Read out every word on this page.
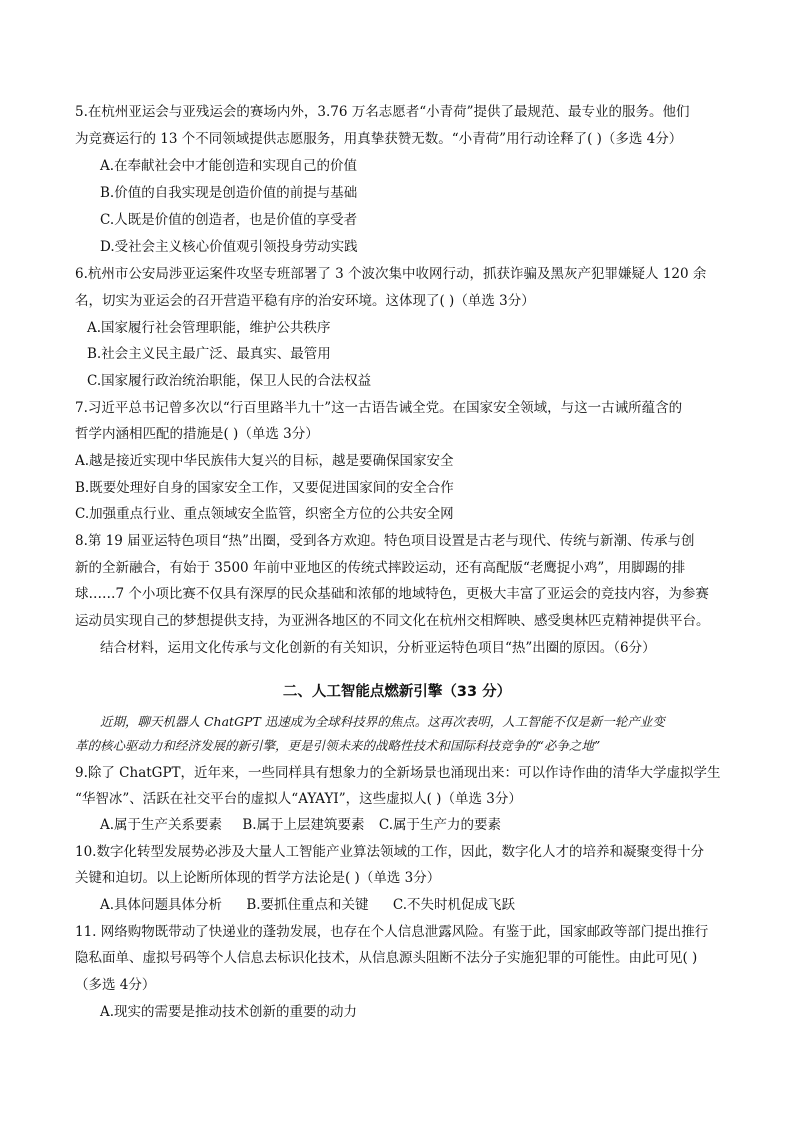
5.在杭州亚运会与亚残运会的赛场内外，3.76 万名志愿者“小青荷”提供了最规范、最专业的服务。他们
为竞赛运行的 13 个不同领域提供志愿服务，用真挚获赞无数。“小青荷”用行动诠释了( )（多选 4分）
A.在奉献社会中才能创造和实现自己的价值
B.价值的自我实现是创造价值的前提与基础
C.人既是价值的创造者，也是价值的享受者
D.受社会主义核心价值观引领投身劳动实践
6.杭州市公安局涉亚运案件攻坚专班部署了 3 个波次集中收网行动，抓获诈骗及黑灰产犯罪嫌疑人 120 余
名，切实为亚运会的召开营造平稳有序的治安环境。这体现了( )（单选 3分）
A.国家履行社会管理职能，维护公共秩序
B.社会主义民主最广泛、最真实、最管用
C.国家履行政治统治职能，保卫人民的合法权益
7.习近平总书记曾多次以“行百里路半九十”这一古语告诫全党。在国家安全领域，与这一古诫所蕴含的
哲学内涵相匹配的措施是( )（单选 3分）
A.越是接近实现中华民族伟大复兴的目标，越是要确保国家安全
B.既要处理好自身的国家安全工作，又要促进国家间的安全合作
C.加强重点行业、重点领域安全监管，织密全方位的公共安全网
8.第 19 届亚运特色项目“热”出圈，受到各方欢迎。特色项目设置是古老与现代、传统与新潮、传承与创
新的全新融合，有始于 3500 年前中亚地区的传统式摔跤运动，还有高配版“老鹰捉小鸡”，用脚踢的排
球……7 个小项比赛不仅具有深厚的民众基础和浓郁的地域特色，更极大丰富了亚运会的竞技内容，为参赛
运动员实现自己的梦想提供支持，为亚洲各地区的不同文化在杭州交相辉映、感受奥林匹克精神提供平台。
结合材料，运用文化传承与文化创新的有关知识，分析亚运特色项目“热”出圈的原因。（6分）
二、人工智能点燃新引擎（33 分）
近期，聊天机器人 ChatGPT 迅速成为全球科技界的焦点。这再次表明，人工智能不仅是新一轮产业变
革的核心驱动力和经济发展的新引擎，更是引领未来的战略性技术和国际科技竞争的“必争之地”
9.除了 ChatGPT，近年来，一些同样具有想象力的全新场景也涌现出来：可以作诗作曲的清华大学虚拟学生
“华智冰”、活跃在社交平台的虚拟人“AYAYI”，这些虚拟人( )（单选 3分）
A.属于生产关系要素 B.属于上层建筑要素 C.属于生产力的要素
10.数字化转型发展势必涉及大量人工智能产业算法领域的工作，因此，数字化人才的培养和凝聚变得十分
关键和迫切。以上论断所体现的哲学方法论是( )（单选 3分）
A.具体问题具体分析 B.要抓住重点和关键 C.不失时机促成飞跃
11. 网络购物既带动了快递业的蓬勃发展，也存在个人信息泄露风险。有鉴于此，国家邮政等部门提出推行
隐私面单、虚拟号码等个人信息去标识化技术，从信息源头阻断不法分子实施犯罪的可能性。由此可见( )
（多选 4分）
A.现实的需要是推动技术创新的重要的动力
